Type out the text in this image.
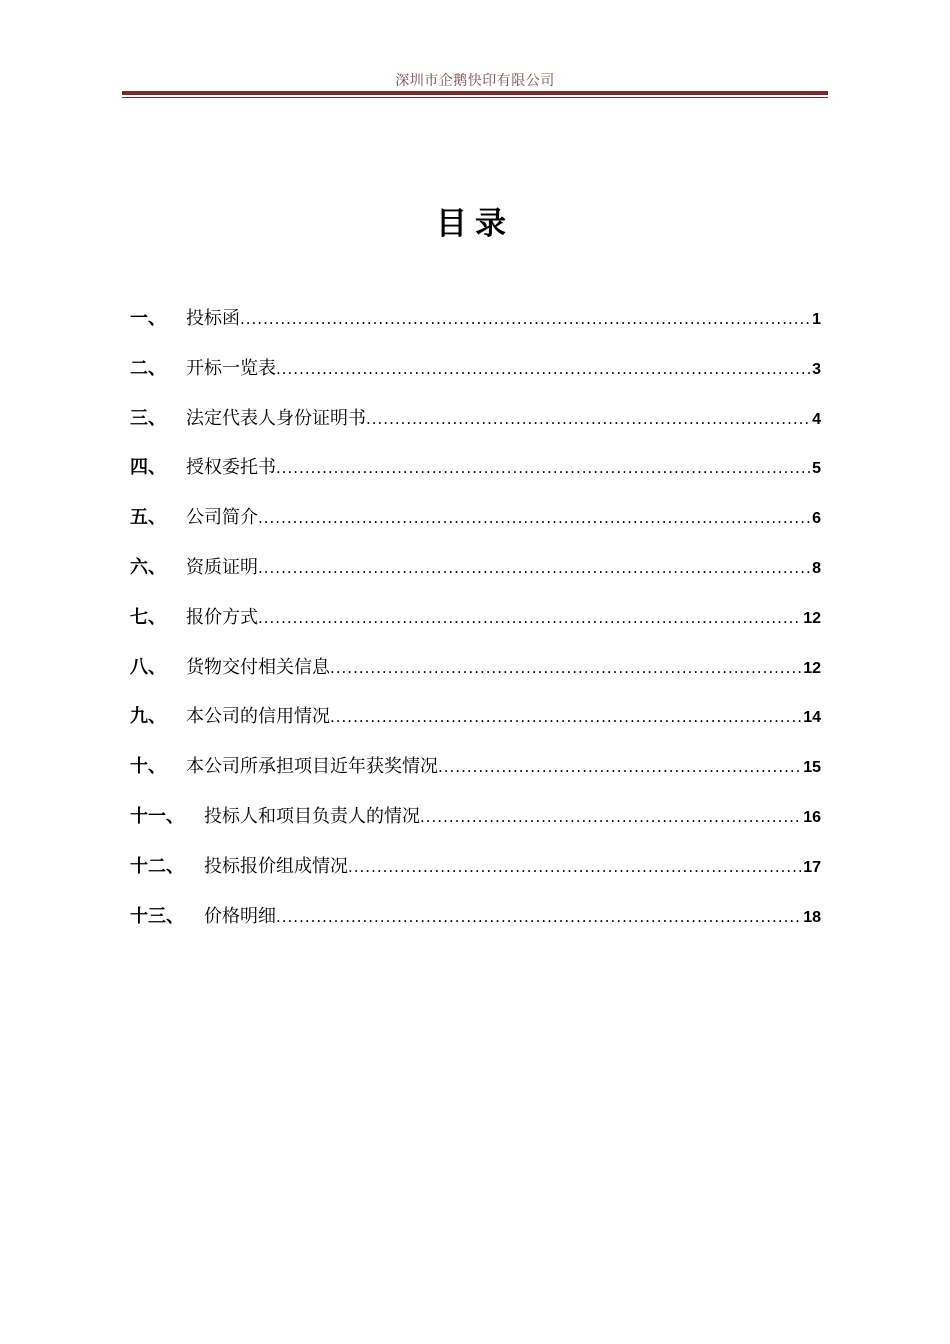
深圳市企鹅快印有限公司
目录
一、 投标函 .....	1
二、 开标一览表 .....	3
三、 法定代表人身份证明书 .....	4
四、 授权委托书 .....	5
五、 公司简介 .....	6
六、 资质证明 .....	8
七、 报价方式 .....	12
八、 货物交付相关信息 .....	12
九、 本公司的信用情况 .....	14
十、 本公司所承担项目近年获奖情况 .....	15
十一、 投标人和项目负责人的情况 .....	16
十二、 投标报价组成情况 .....	17
十三、 价格明细 .....	18
